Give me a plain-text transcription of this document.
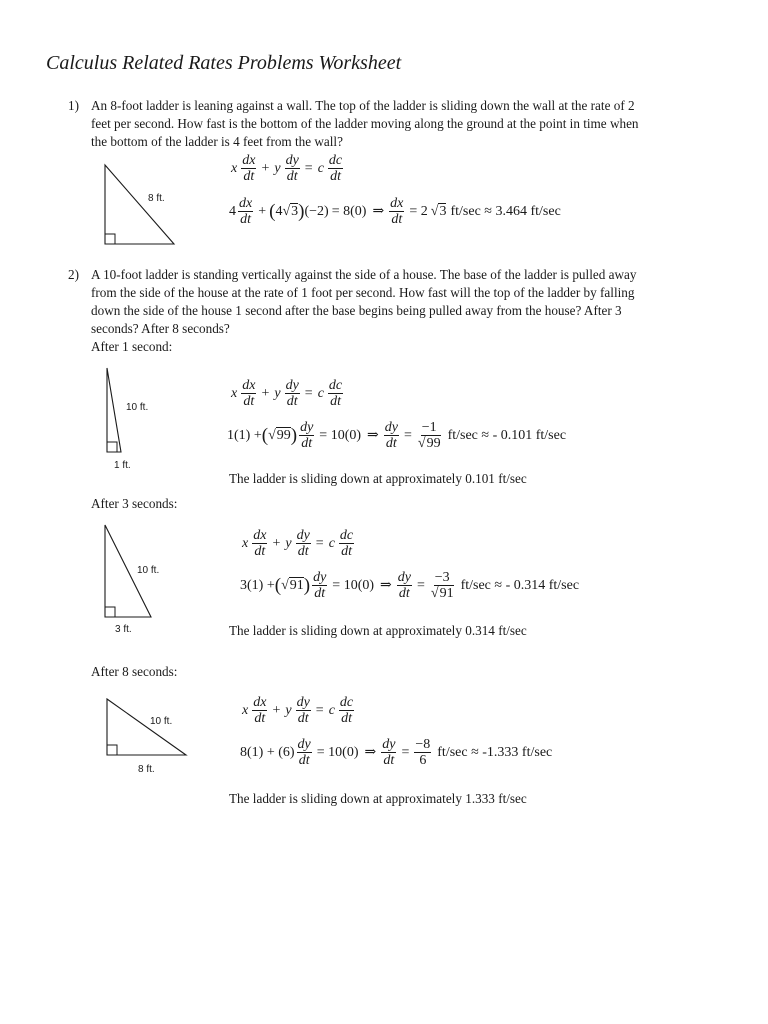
Calculus Related Rates Problems Worksheet
1) An 8-foot ladder is leaning against a wall. The top of the ladder is sliding down the wall at the rate of 2
feet per second. How fast is the bottom of the ladder moving along the ground at the point in time when
the bottom of the ladder is 4 feet from the wall?
8 ft.
x $\frac{dx}{dt} + y \frac{dy}{dt} = c \frac{dc}{dt}$
$4 \frac{dx}{dt}$ + ( 4 √ 3 ) (−2) = 8(0) ⇒ $\frac{dx}{dt} = 2$ √ 3 ft/sec ≈ 3.464 ft/sec
2) A 10-foot ladder is standing vertically against the side of a house. The base of the ladder is pulled away
from the side of the house at the rate of 1 foot per second. How fast will the top of the ladder by falling
down the side of the house 1 second after the base begins being pulled away from the house? After 3
seconds? After 8 seconds?
After 1 second:
10 ft.
1 ft.
x $\frac{dx}{dt} + y \frac{dy}{dt} = c \frac{dc}{dt}$
1(1) + ( √ 99 ) $\frac{dy}{dt} = 10(0)$ ⇒ $\frac{dy}{dt} = \frac{-1}{√99} ft/\sec$ ≈ - 0.101 ft/sec
The ladder is sliding down at approximately 0.101 ft/sec
After 3 seconds:
10 ft.
3 ft.
x $\frac{dx}{dt} + y \frac{dy}{dt} = c \frac{dc}{dt}$
3(1) + ( √ 91 ) $\frac{dy}{dt} = 10(0)$ ⇒ $\frac{dy}{dt} = \frac{-3}{√91} ft/\sec$ ≈ - 0.314 ft/sec
The ladder is sliding down at approximately 0.314 ft/sec
After 8 seconds:
10 ft.
8 ft.
x $\frac{dx}{dt} + y \frac{dy}{dt} = c \frac{dc}{dt}$
$8(1) + (6) \frac{dy}{dt} = 10(0)$ ⇒ $\frac{dy}{dt} = \frac{-8}{6} ft/\sec \approx -1.333$ ft/sec
The ladder is sliding down at approximately 1.333 ft/sec
